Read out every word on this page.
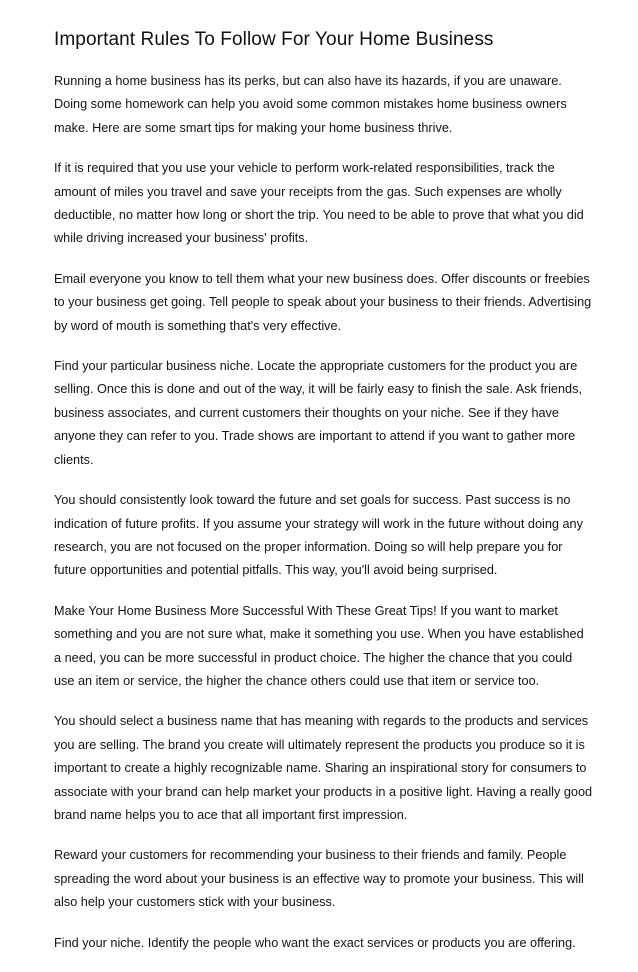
Important Rules To Follow For Your Home Business

Running a home business has its perks, but can also have its hazards, if you are unaware. Doing some homework can help you avoid some common mistakes home business owners make. Here are some smart tips for making your home business thrive.

If it is required that you use your vehicle to perform work-related responsibilities, track the amount of miles you travel and save your receipts from the gas. Such expenses are wholly deductible, no matter how long or short the trip. You need to be able to prove that what you did while driving increased your business' profits.

Email everyone you know to tell them what your new business does. Offer discounts or freebies to your business get going. Tell people to speak about your business to their friends. Advertising by word of mouth is something that's very effective.

Find your particular business niche. Locate the appropriate customers for the product you are selling. Once this is done and out of the way, it will be fairly easy to finish the sale. Ask friends, business associates, and current customers their thoughts on your niche. See if they have anyone they can refer to you. Trade shows are important to attend if you want to gather more clients.

You should consistently look toward the future and set goals for success. Past success is no indication of future profits. If you assume your strategy will work in the future without doing any research, you are not focused on the proper information. Doing so will help prepare you for future opportunities and potential pitfalls. This way, you'll avoid being surprised.

Make Your Home Business More Successful With These Great Tips! If you want to market something and you are not sure what, make it something you use. When you have established a need, you can be more successful in product choice. The higher the chance that you could use an item or service, the higher the chance others could use that item or service too.

You should select a business name that has meaning with regards to the products and services you are selling. The brand you create will ultimately represent the products you produce so it is important to create a highly recognizable name. Sharing an inspirational story for consumers to associate with your brand can help market your products in a positive light. Having a really good brand name helps you to ace that all important first impression.

Reward your customers for recommending your business to their friends and family. People spreading the word about your business is an effective way to promote your business. This will also help your customers stick with your business.

Find your niche. Identify the people who want the exact services or products you are offering.
